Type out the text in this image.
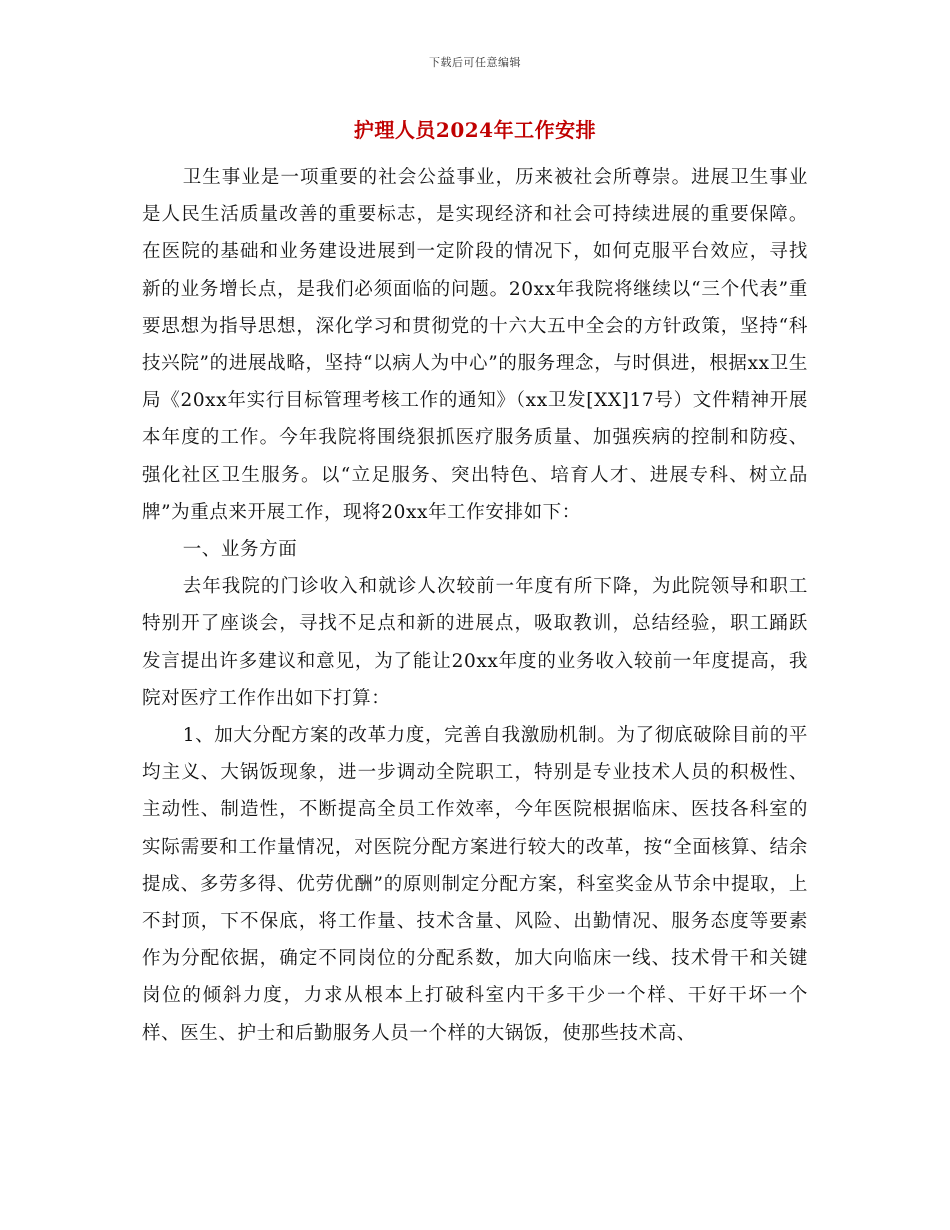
下载后可任意编辑
护理人员2024年工作安排

卫生事业是一项重要的社会公益事业，历来被社会所尊崇。进展卫生事业是人民生活质量改善的重要标志，是实现经济和社会可持续进展的重要保障。在医院的基础和业务建设进展到一定阶段的情况下，如何克服平台效应，寻找新的业务增长点，是我们必须面临的问题。20xx年我院将继续以“三个代表”重要思想为指导思想，深化学习和贯彻党的十六大五中全会的方针政策，坚持“科技兴院”的进展战略，坚持“以病人为中心”的服务理念，与时俱进，根据xx卫生局《20xx年实行目标管理考核工作的通知》（xx卫发[XX]17号）文件精神开展本年度的工作。今年我院将围绕狠抓医疗服务质量、加强疾病的控制和防疫、强化社区卫生服务。以“立足服务、突出特色、培育人才、进展专科、树立品牌”为重点来开展工作，现将20xx年工作安排如下：

一、业务方面

去年我院的门诊收入和就诊人次较前一年度有所下降，为此院领导和职工特别开了座谈会，寻找不足点和新的进展点，吸取教训，总结经验，职工踊跃发言提出许多建议和意见，为了能让20xx年度的业务收入较前一年度提高，我院对医疗工作作出如下打算：

1、加大分配方案的改革力度，完善自我激励机制。为了彻底破除目前的平均主义、大锅饭现象，进一步调动全院职工，特别是专业技术人员的积极性、主动性、制造性，不断提高全员工作效率，今年医院根据临床、医技各科室的实际需要和工作量情况，对医院分配方案进行较大的改革，按“全面核算、结余提成、多劳多得、优劳优酬”的原则制定分配方案，科室奖金从节余中提取，上不封顶，下不保底，将工作量、技术含量、风险、出勤情况、服务态度等要素作为分配依据，确定不同岗位的分配系数，加大向临床一线、技术骨干和关键岗位的倾斜力度，力求从根本上打破科室内干多干少一个样、干好干坏一个样、医生、护士和后勤服务人员一个样的大锅饭，使那些技术高、
